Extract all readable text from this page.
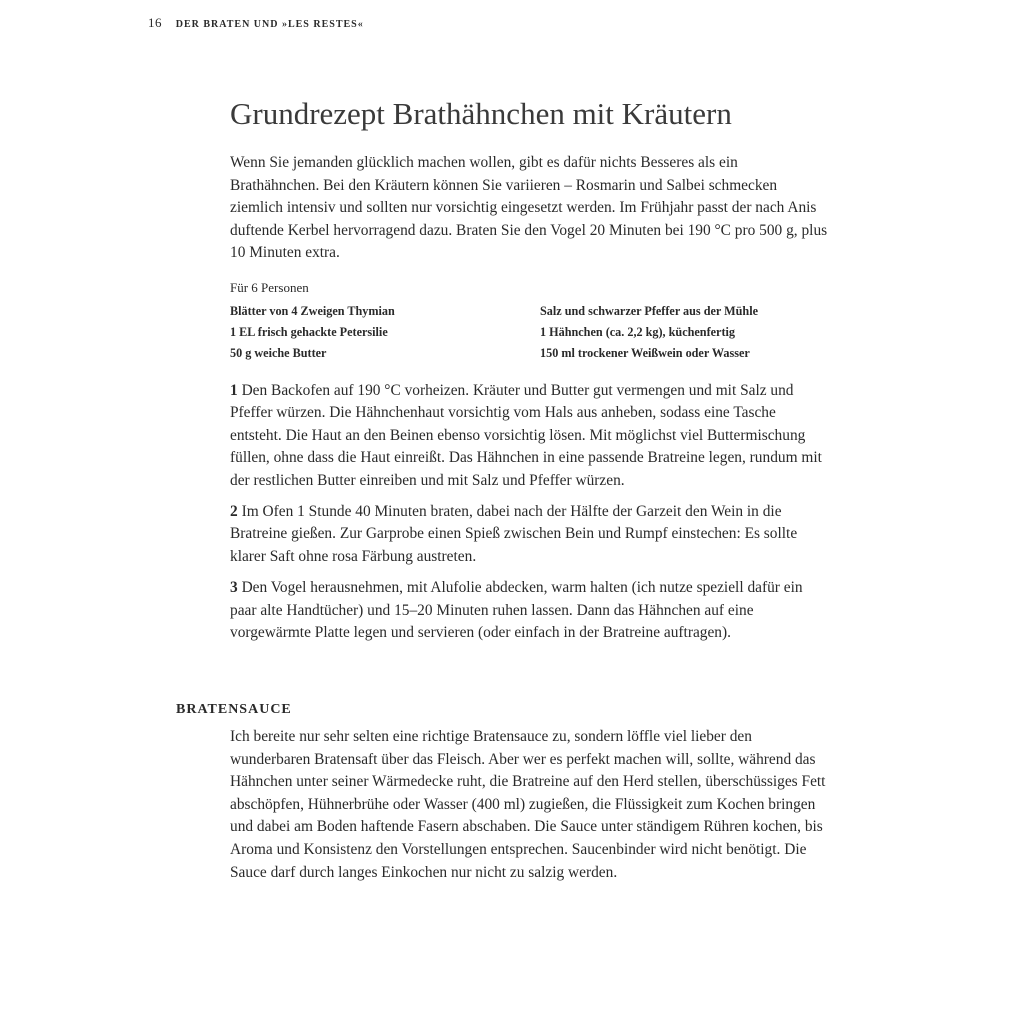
16 DER BRATEN UND »LES RESTES«
Grundrezept Brathähnchen mit Kräutern

Wenn Sie jemanden glücklich machen wollen, gibt es dafür nichts Besseres als ein Brathähnchen. Bei den Kräutern können Sie variieren – Rosmarin und Salbei schmecken ziemlich intensiv und sollten nur vorsichtig eingesetzt werden. Im Frühjahr passt der nach Anis duftende Kerbel hervorragend dazu. Braten Sie den Vogel 20 Minuten bei 190 °C pro 500 g, plus 10 Minuten extra.

Für 6 Personen
Blätter von 4 Zweigen Thymian
1 EL frisch gehackte Petersilie
50 g weiche Butter
Salz und schwarzer Pfeffer aus der Mühle
1 Hähnchen (ca. 2,2 kg), küchenfertig
150 ml trockener Weißwein oder Wasser

1 Den Backofen auf 190 °C vorheizen. Kräuter und Butter gut vermengen und mit Salz und Pfeffer würzen. Die Hähnchenhaut vorsichtig vom Hals aus anheben, sodass eine Tasche entsteht. Die Haut an den Beinen ebenso vorsichtig lösen. Mit möglichst viel Buttermischung füllen, ohne dass die Haut einreißt. Das Hähnchen in eine passende Bratreine legen, rundum mit der restlichen Butter einreiben und mit Salz und Pfeffer würzen.

2 Im Ofen 1 Stunde 40 Minuten braten, dabei nach der Hälfte der Garzeit den Wein in die Bratreine gießen. Zur Garprobe einen Spieß zwischen Bein und Rumpf einstechen: Es sollte klarer Saft ohne rosa Färbung austreten.

3 Den Vogel herausnehmen, mit Alufolie abdecken, warm halten (ich nutze speziell dafür ein paar alte Handtücher) und 15–20 Minuten ruhen lassen. Dann das Hähnchen auf eine vorgewärmte Platte legen und servieren (oder einfach in der Bratreine auftragen).

BRATENSAUCE

Ich bereite nur sehr selten eine richtige Bratensauce zu, sondern löffle viel lieber den wunderbaren Bratensaft über das Fleisch. Aber wer es perfekt machen will, sollte, während das Hähnchen unter seiner Wärmedecke ruht, die Bratreine auf den Herd stellen, überschüssiges Fett abschöpfen, Hühnerbrühe oder Wasser (400 ml) zugießen, die Flüssigkeit zum Kochen bringen und dabei am Boden haftende Fasern abschaben. Die Sauce unter ständigem Rühren kochen, bis Aroma und Konsistenz den Vorstellungen entsprechen. Saucenbinder wird nicht benötigt. Die Sauce darf durch langes Einkochen nur nicht zu salzig werden.
